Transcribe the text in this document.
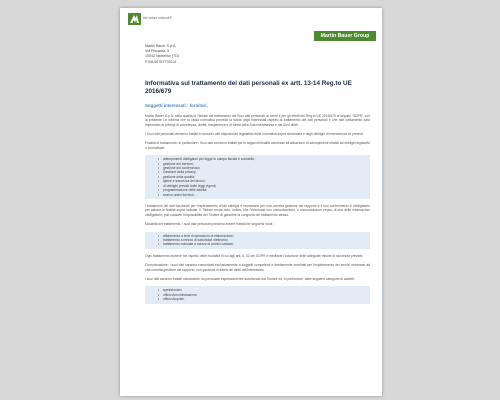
the nature network®
Martin Bauer Group
Martin Bauer S.p.A.
Via Piscarea, 5
10042 Nichelino (TO)
P.IVA 06751770014
Informativa sul trattamento dei dati personali ex artt. 13-14 Reg.to UE 2016/679
Soggetti interessati : fornitori.

Martin Bauer S.p.A. nella qualità di Titolare del trattamento dei Suoi dati personali, ai sensi e per gli effetti del Reg.to UE 2016/679 di seguito 'GDPR', con la presente La informa che la citata normativa prevede la tutela degli interessati rispetto al trattamento dei dati personali e che tale trattamento sarà improntato ai principi di correttezza, liceità, trasparenza e di tutela della Sua riservatezza e dei Suoi diritti.

I Suoi dati personali verranno trattati in accordo alle disposizioni legislative della normativa sopra richiamata e degli obblighi di riservatezza ivi previsti.

Finalità di trattamento: in particolare i Suoi dati verranno trattati per le seguenti finalità connesse all'attuazione di adempimenti relativi ad obblighi legislativi o contrattuali:

• adempimenti obbligatori per legge in campo fiscale e contabile;
• gestione dei fornitori;
• gestione del contenzioso;
• Gestione della privacy;
• gestione della qualità;
• igiene e sicurezza del lavoro;
• di obblighi previsti dalle leggi vigenti;
• programmazione delle attività;
• storico ordini fornitori.

I trattamenti dei dati funzionali per l'espletamento di tali obblighi è necessario per una corretta gestione del rapporto e il loro conferimento è obbligatorio per attuare le finalità sopra indicate. Il Titolare rende noto, inoltre, che l'eventuale non comunicazione, o comunicazione errata, di una delle informazioni obbligatorie, può causare l'impossibilità del Titolare di garantire la congruità del trattamento stesso.

Modalità del trattamento. I suoi dati personali potranno essere trattati nei seguenti modi:

• affidamento a terzi di operazioni di elaborazione;
• trattamento a mezzo di calcolatori elettronici;
• trattamento manuale a mezzo di archivi cartacei.

Ogni trattamento avviene nel rispetto delle modalità di cui agli artt. 6, 32 del GDPR e mediante l'adozione delle adeguate misure di sicurezza previste.

Comunicazione: i suoi dati saranno comunicati esclusivamente a soggetti competenti e debitamente nominati per l'espletamento dei servizi necessari ad una corretta gestione del rapporto, con garanzia di tutela dei diritti dell'interessato.

I suoi dati saranno trattati unicamente da personale espressamente autorizzato dal Titolare ed, in particolare, dalle seguenti categorie di addetti:

• spedizionieri;
• ufficio Amministrazione;
• ufficio Acquisti.
